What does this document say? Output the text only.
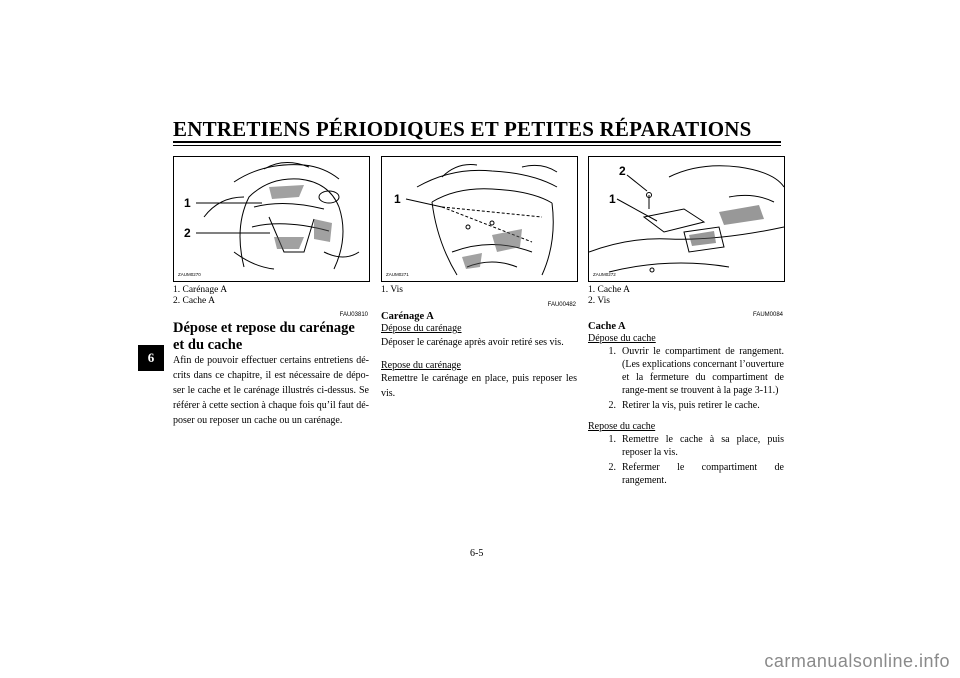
ENTRETIENS PÉRIODIQUES ET PETITES RÉPARATIONS
6
1
2
ZAUM0270
1
ZAUM0271
2
1
ZAUM0272
1. Carénage A
2. Cache A
FAU03810
Dépose et repose du carénage et du cache
Afin de pouvoir effectuer certains entretiens dé-crits dans ce chapitre, il est nécessaire de dépo-ser le cache et le carénage illustrés ci-dessus. Se référer à cette section à chaque fois qu’il faut dé-poser ou reposer un cache ou un carénage.
1. Vis
FAU00482
Carénage A
Dépose du carénage
Déposer le carénage après avoir retiré ses vis.
Repose du carénage
Remettre le carénage en place, puis reposer les vis.
1. Cache A
2. Vis
FAUM0084
Cache A
Dépose du cache
1. Ouvrir le compartiment de rangement. (Les explications concernant l’ouverture et la fermeture du compartiment de range-ment se trouvent à la page 3-11.)
2. Retirer la vis, puis retirer le cache.
Repose du cache
1. Remettre le cache à sa place, puis reposer la vis.
2. Refermer le compartiment de rangement.
6-5
carmanualsonline.info
